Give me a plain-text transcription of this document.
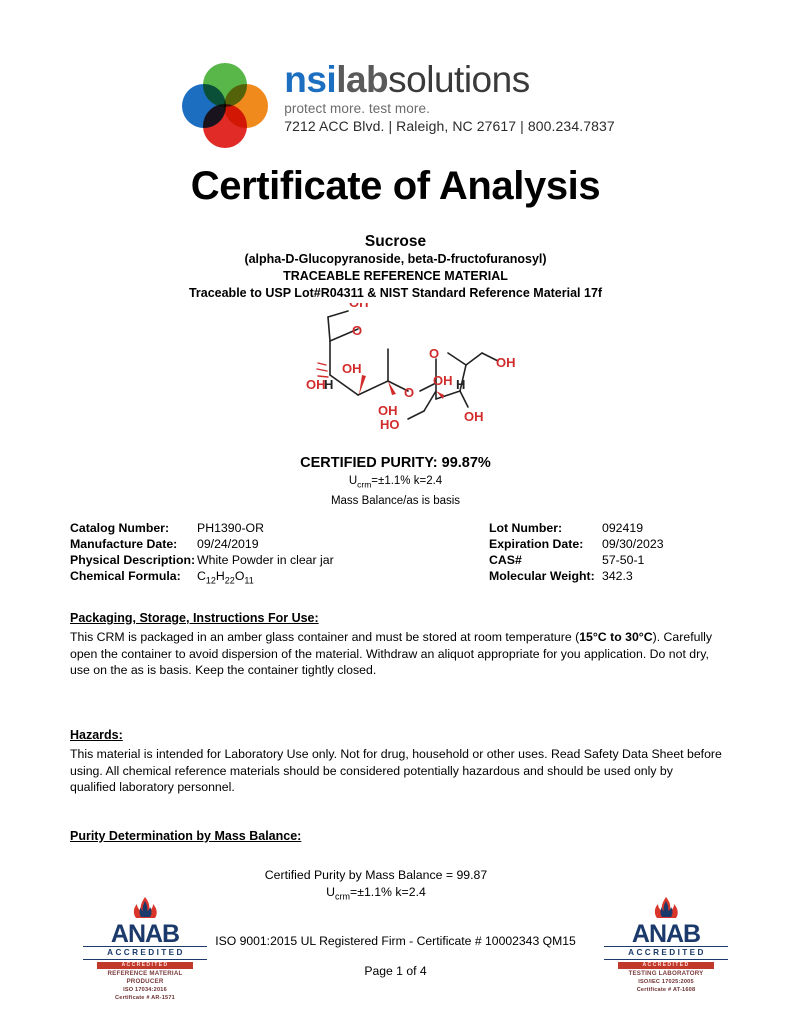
nsilabsolutions
protect more. test more.
7212 ACC Blvd. | Raleigh, NC 27617 | 800.234.7837
Certificate of Analysis
Sucrose
(alpha-D-Glucopyranoside, beta-D-fructofuranosyl)
TRACEABLE REFERENCE MATERIAL
Traceable to USP Lot#R04311 & NIST Standard Reference Material 17f
O
OH
OH
H
OH
O
O
OH H
OH
OH
HO
CERTIFIED PURITY: 99.87%
$U_{crm}=\pm 1.1\%$ k=2.4
Mass Balance/as is basis
Catalog Number:	PH1390-OR
Manufacture Date:	09/24/2019
Physical Description: White Powder in clear jar
Chemical Formula:	$C_{12}H_{22}O_{11}$
Lot Number:	092419
Expiration Date:	09/30/2023
CAS#	57-50-1
Molecular Weight: 342.3
Packaging, Storage, Instructions For Use:
This CRM is packaged in an amber glass container and must be stored at room temperature (15°C to 30°C). Carefully open the container to avoid dispersion of the material. Withdraw an aliquot appropriate for you application. Do not dry, use on the as is basis. Keep the container tightly closed.
Hazards:
This material is intended for Laboratory Use only. Not for drug, household or other uses. Read Safety Data Sheet before using. All chemical reference materials should be considered potentially hazardous and should be used only by qualified laboratory personnel.
Purity Determination by Mass Balance:
Certified Purity by Mass Balance = 99.87
$U_{crm}=\pm 1.1\%$ k=2.4
ANAB
ACCREDITED
ACCREDITED
REFERENCE MATERIAL
PRODUCER
ISO 17034:2016
Certificate # AR-1571
ANAB
ACCREDITED
ACCREDITED
TESTING LABORATORY
ISO/IEC 17025:2005
Certificate # AT-1608
ISO 9001:2015 UL Registered Firm - Certificate # 10002343 QM15
Page 1 of 4
